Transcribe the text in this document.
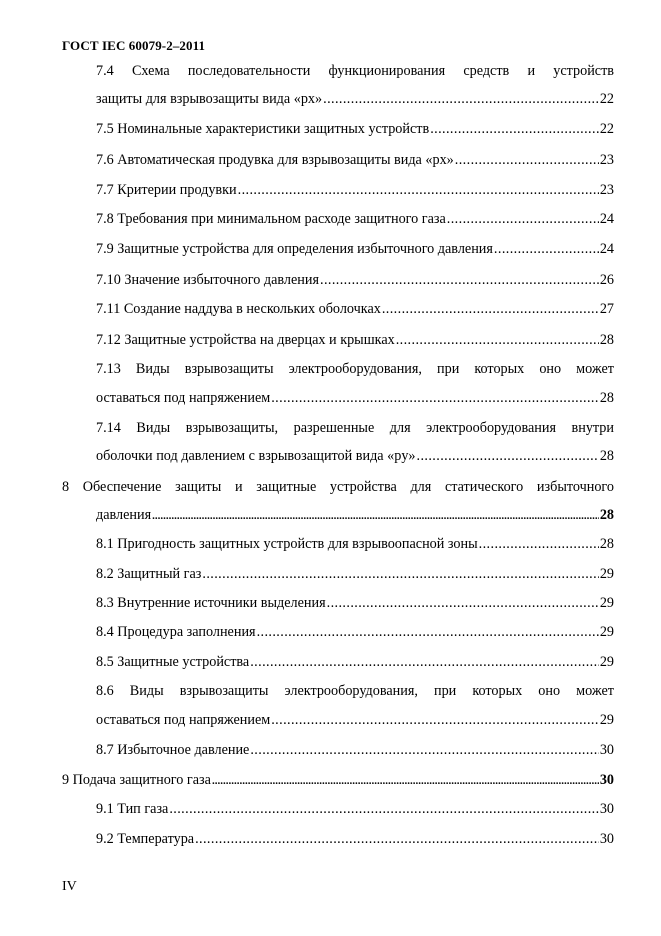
ГОСТ IEC 60079-2–2011
7.4 Схема последовательности функционирования средств и устройств
защиты для взрывозащиты вида «px» .....	22
7.5 Номинальные характеристики защитных устройств .....	22
7.6 Автоматическая продувка для взрывозащиты вида «px» .....	23
7.7 Критерии продувки .....	23
7.8 Требования при минимальном расходе защитного газа .....	24
7.9 Защитные устройства для определения избыточного давления .....	24
7.10 Значение избыточного давления .....	26
7.11 Создание наддува в нескольких оболочках .....	27
7.12 Защитные устройства на дверцах и крышках .....	28
7.13 Виды взрывозащиты электрооборудования, при которых оно может
оставаться под напряжением .....	28
7.14 Виды взрывозащиты, разрешенные для электрооборудования внутри
оболочки под давлением с взрывозащитой вида «py» .....	28
8 Обеспечение защиты и защитные устройства для статического избыточного
давления .....	28
8.1 Пригодность защитных устройств для взрывоопасной зоны .....	28
8.2 Защитный газ .....	29
8.3 Внутренние источники выделения .....	29
8.4 Процедура заполнения .....	29
8.5 Защитные устройства .....	29
8.6 Виды взрывозащиты электрооборудования, при которых оно может
оставаться под напряжением .....	29
8.7 Избыточное давление .....	30
9 Подача защитного газа .....	30
9.1 Тип газа .....	30
9.2 Температура .....	30
IV
